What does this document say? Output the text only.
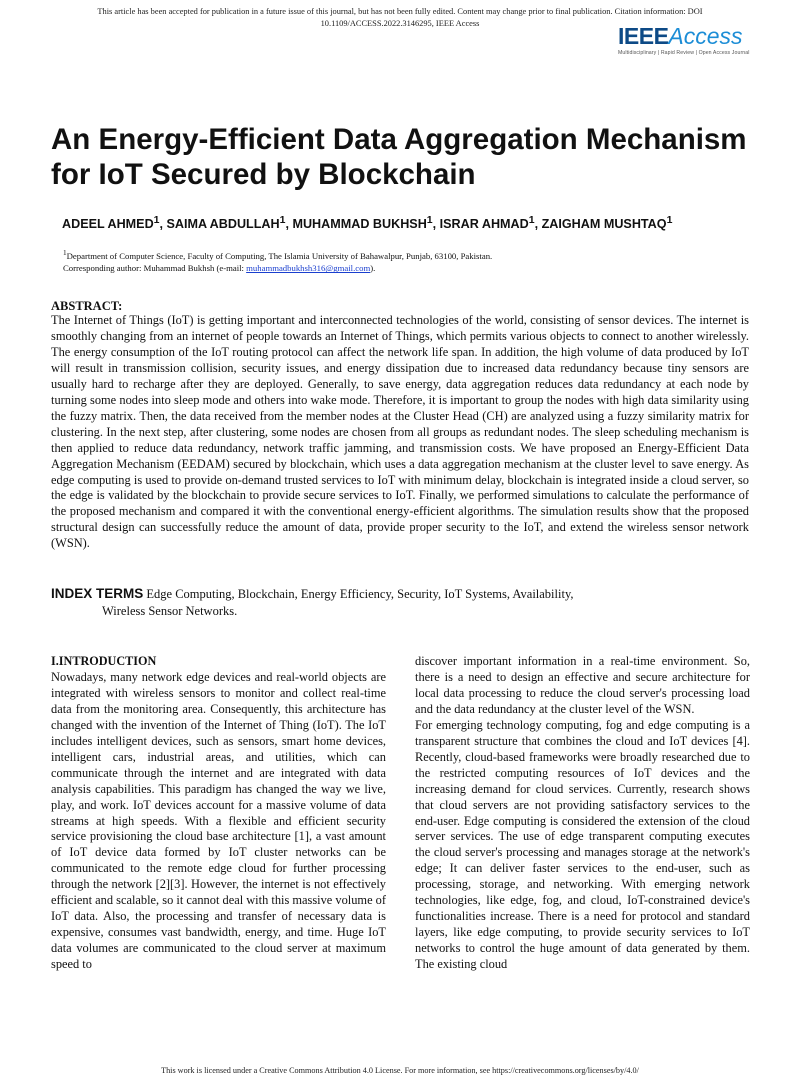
This article has been accepted for publication in a future issue of this journal, but has not been fully edited. Content may change prior to final publication. Citation information: DOI
10.1109/ACCESS.2022.3146295, IEEE Access	IEEEAccess
Multidisciplinary | Rapid Review | Open Access Journal
An Energy-Efficient Data Aggregation Mechanism for IoT Secured by Blockchain
ADEEL AHMED$^1$, SAIMA ABDULLAH$^1$, MUHAMMAD BUKHSH$^1$, ISRAR AHMAD$^1$, ZAIGHAM MUSHTAQ$^1$
$^1$Department of Computer Science, Faculty of Computing, The Islamia University of Bahawalpur, Punjab, 63100, Pakistan.
Corresponding author: Muhammad Bukhsh (e-mail: muhammadbukhsh316@gmail.com).
ABSTRACT:
The Internet of Things (IoT) is getting important and interconnected technologies of the world, consisting of sensor devices. The internet is smoothly changing from an internet of people towards an Internet of Things, which permits various objects to connect to another wirelessly. The energy consumption of the IoT routing protocol can affect the network life span. In addition, the high volume of data produced by IoT will result in transmission collision, security issues, and energy dissipation due to increased data redundancy because tiny sensors are usually hard to recharge after they are deployed. Generally, to save energy, data aggregation reduces data redundancy at each node by turning some nodes into sleep mode and others into wake mode. Therefore, it is important to group the nodes with high data similarity using the fuzzy matrix. Then, the data received from the member nodes at the Cluster Head (CH) are analyzed using a fuzzy similarity matrix for clustering. In the next step, after clustering, some nodes are chosen from all groups as redundant nodes. The sleep scheduling mechanism is then applied to reduce data redundancy, network traffic jamming, and transmission costs. We have proposed an Energy-Efficient Data Aggregation Mechanism (EEDAM) secured by blockchain, which uses a data aggregation mechanism at the cluster level to save energy. As edge computing is used to provide on-demand trusted services to IoT with minimum delay, blockchain is integrated inside a cloud server, so the edge is validated by the blockchain to provide secure services to IoT. Finally, we performed simulations to calculate the performance of the proposed mechanism and compared it with the conventional energy-efficient algorithms. The simulation results show that the proposed structural design can successfully reduce the amount of data, provide proper security to the IoT, and extend the wireless sensor network (WSN).
INDEX TERMS Edge Computing, Blockchain, Energy Efficiency, Security, IoT Systems, Availability,
Wireless Sensor Networks.
I.INTRODUCTION

Nowadays, many network edge devices and real-world objects are integrated with wireless sensors to monitor and collect real-time data from the monitoring area. Consequently, this architecture has changed with the invention of the Internet of Thing (IoT). The IoT includes intelligent devices, such as sensors, smart home devices, intelligent cars, industrial areas, and utilities, which can communicate through the internet and are integrated with data analysis capabilities. This paradigm has changed the way we live, play, and work. IoT devices account for a massive volume of data streams at high speeds. With a flexible and efficient security service provisioning the cloud base architecture [1], a vast amount of IoT device data formed by IoT cluster networks can be communicated to the remote edge cloud for further processing through the network [2][3]. However, the internet is not effectively efficient and scalable, so it cannot deal with this massive volume of IoT data. Also, the processing and transfer of necessary data is expensive, consumes vast bandwidth, energy, and time. Huge IoT data volumes are communicated to the cloud server at maximum speed to

discover important information in a real-time environment. So, there is a need to design an effective and secure architecture for local data processing to reduce the cloud server's processing load and the data redundancy at the cluster level of the WSN.

For emerging technology computing, fog and edge computing is a transparent structure that combines the cloud and IoT devices [4]. Recently, cloud-based frameworks were broadly researched due to the restricted computing resources of IoT devices and the increasing demand for cloud services. Currently, research shows that cloud servers are not providing satisfactory services to the end-user. Edge computing is considered the extension of the cloud server services. The use of edge transparent computing executes the cloud server's processing and manages storage at the network's edge; It can deliver faster services to the end-user, such as processing, storage, and networking. With emerging network technologies, like edge, fog, and cloud, IoT-constrained device's functionalities increase. There is a need for protocol and standard layers, like edge computing, to provide security services to IoT networks to control the huge amount of data generated by them. The existing cloud

This work is licensed under a Creative Commons Attribution 4.0 License. For more information, see https://creativecommons.org/licenses/by/4.0/
